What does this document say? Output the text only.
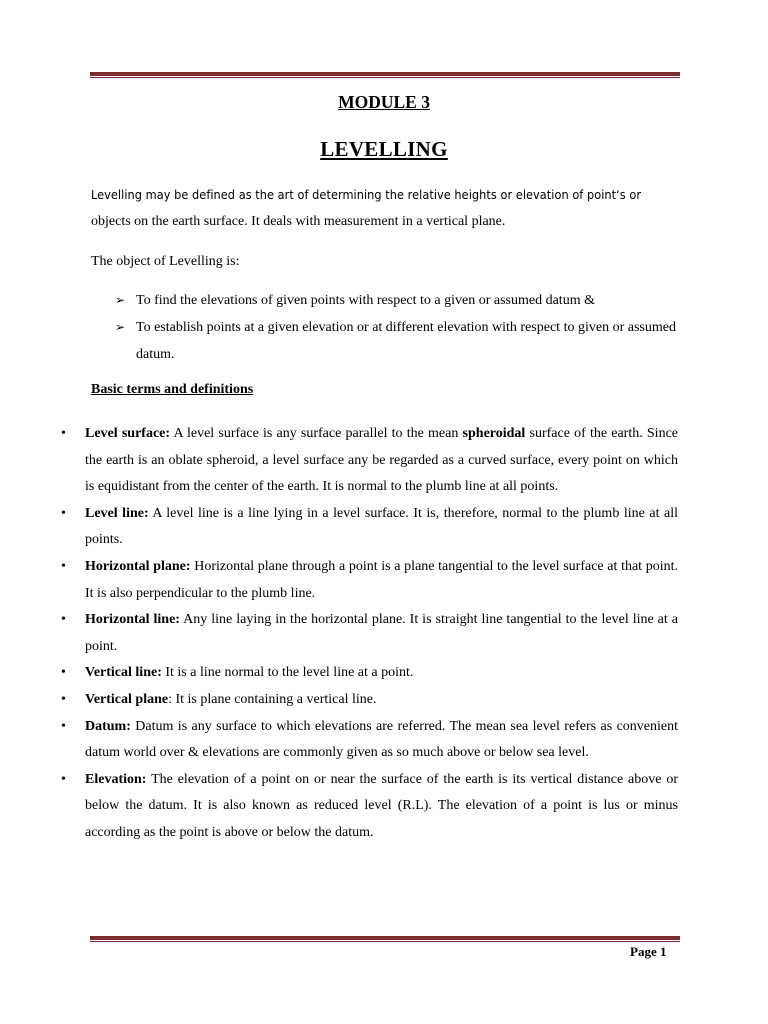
MODULE 3
LEVELLING
Levelling may be defined as the art of determining the relative heights or elevation of point‘s or
objects on the earth surface. It deals with measurement in a vertical plane.
The object of Levelling is:
➢ To find the elevations of given points with respect to a given or assumed datum &
➢ To establish points at a given elevation or at different elevation with respect to given or assumed datum.
Basic terms and definitions
• Level surface: A level surface is any surface parallel to the mean spheroidal surface of the earth. Since the earth is an oblate spheroid, a level surface any be regarded as a curved surface, every point on which is equidistant from the center of the earth. It is normal to the plumb line at all points.
• Level line: A level line is a line lying in a level surface. It is, therefore, normal to the plumb line at all points.
• Horizontal plane: Horizontal plane through a point is a plane tangential to the level surface at that point. It is also perpendicular to the plumb line.
• Horizontal line: Any line laying in the horizontal plane. It is straight line tangential to the level line at a point.
• Vertical line: It is a line normal to the level line at a point.
• Vertical plane: It is plane containing a vertical line.
• Datum: Datum is any surface to which elevations are referred. The mean sea level refers as convenient datum world over & elevations are commonly given as so much above or below sea level.
• Elevation: The elevation of a point on or near the surface of the earth is its vertical distance above or below the datum. It is also known as reduced level (R.L). The elevation of a point is lus or minus according as the point is above or below the datum.
Page 1
